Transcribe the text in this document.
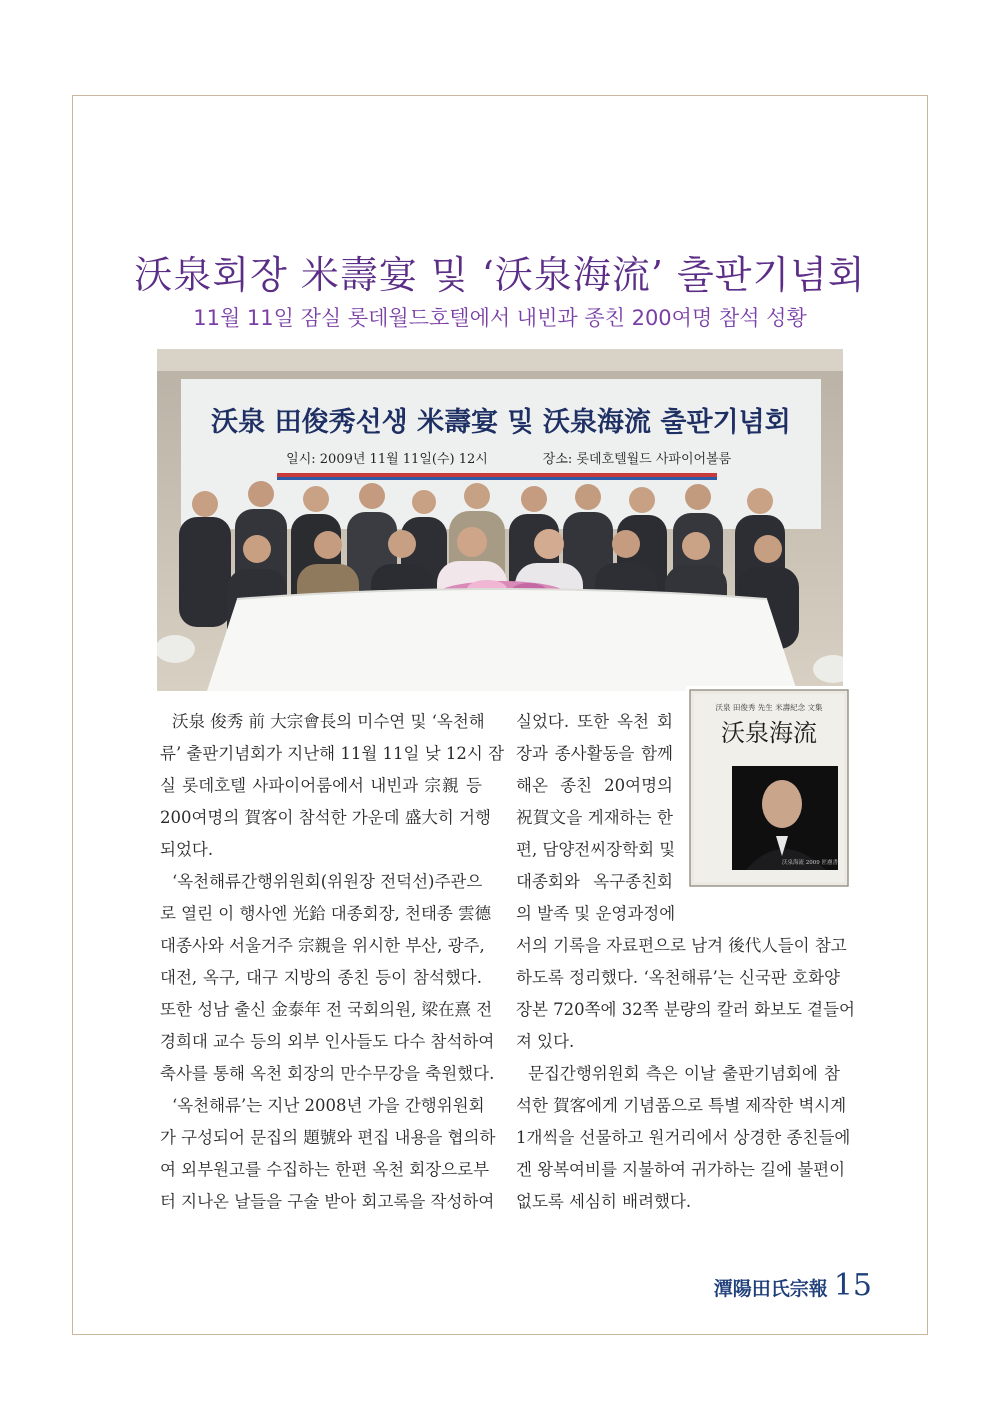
沃泉회장 米壽宴 및 ‘沃泉海流’ 출판기념회
11월 11일 잠실 롯데월드호텔에서 내빈과 종친 200여명 참석 성황
沃泉 田俊秀선생 米壽宴 및 沃泉海流 출판기념회
일시: 2009년 11월 11일(수) 12시	장소: 롯데호텔월드 사파이어볼룸
沃泉 田俊秀 先生 米壽紀念 文集
沃泉海流
沃泉海流 2009 匠慮書
沃泉 俊秀 前 大宗會長의 미수연 및 ‘옥천해
류’ 출판기념회가 지난해 11월 11일 낮 12시 잠
실 롯데호텔 사파이어룸에서 내빈과 宗親 등
200여명의 賀客이 참석한 가운데 盛大히 거행
되었다.
‘옥천해류간행위원회(위원장 전덕선)주관으
로 열린 이 행사엔 光鉿 대종회장, 천태종 雲德
대종사와 서울거주 宗親을 위시한 부산, 광주,
대전, 옥구, 대구 지방의 종친 등이 참석했다.
또한 성남 출신 金泰年 전 국회의원, 梁在熹 전
경희대 교수 등의 외부 인사들도 다수 참석하여
축사를 통해 옥천 회장의 만수무강을 축원했다.
‘옥천해류’는 지난 2008년 가을 간행위원회
가 구성되어 문집의 題號와 편집 내용을 협의하
여 외부원고를 수집하는 한편 옥천 회장으로부
터 지나온 날들을 구술 받아 회고록을 작성하여
실었다. 또한 옥천 회
장과 종사활동을 함께
해온 종친 20여명의
祝賀文을 게재하는 한
편, 담양전씨장학회 및
대종회와 옥구종친회
의 발족 및 운영과정에
서의 기록을 자료편으로 남겨 後代人들이 참고
하도록 정리했다. ‘옥천해류’는 신국판 호화양
장본 720쪽에 32쪽 분량의 칼러 화보도 곁들어
져 있다.
문집간행위원회 측은 이날 출판기념회에 참
석한 賀客에게 기념품으로 특별 제작한 벽시계
1개씩을 선물하고 원거리에서 상경한 종친들에
겐 왕복여비를 지불하여 귀가하는 길에 불편이
없도록 세심히 배려했다.
潭陽田氏宗報 15
